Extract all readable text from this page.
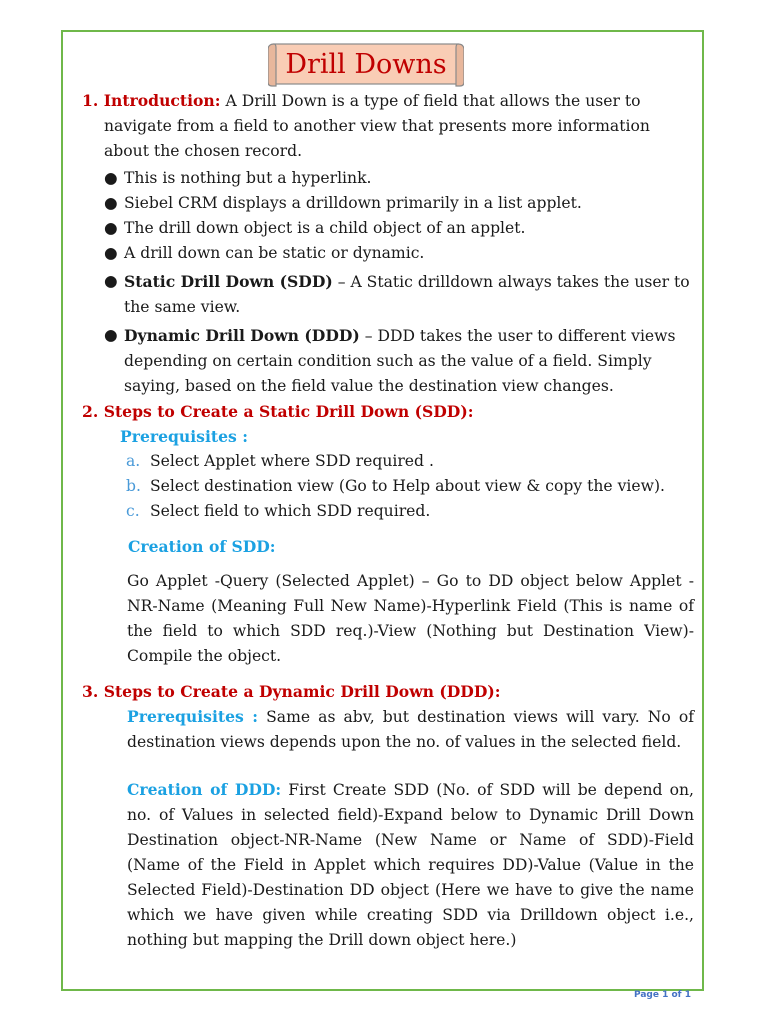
Drill Downs

1. Introduction: A Drill Down is a type of field that allows the user to navigate from a field to another view that presents more information about the chosen record.

● This is nothing but a hyperlink.
● Siebel CRM displays a drilldown primarily in a list applet.
● The drill down object is a child object of an applet.
● A drill down can be static or dynamic.
● Static Drill Down (SDD) – A Static drilldown always takes the user to the same view.
● Dynamic Drill Down (DDD) – DDD takes the user to different views depending on certain condition such as the value of a field. Simply saying, based on the field value the destination view changes.

2. Steps to Create a Static Drill Down (SDD):

Prerequisites :

a. Select Applet where SDD required .
b. Select destination view (Go to Help about view & copy the view).
c. Select field to which SDD required.

Creation of SDD:

Go Applet -Query (Selected Applet) – Go to DD object below Applet -NR-Name (Meaning Full New Name)-Hyperlink Field (This is name of the field to which SDD req.)-View (Nothing but Destination View)-Compile the object.

3. Steps to Create a Dynamic Drill Down (DDD):

Prerequisites : Same as abv, but destination views will vary. No of destination views depends upon the no. of values in the selected field.

Creation of DDD: First Create SDD (No. of SDD will be depend on, no. of Values in selected field)-Expand below to Dynamic Drill Down Destination object-NR-Name (New Name or Name of SDD)-Field (Name of the Field in Applet which requires DD)-Value (Value in the Selected Field)-Destination DD object (Here we have to give the name which we have given while creating SDD via Drilldown object i.e., nothing but mapping the Drill down object here.)

Page 1 of 1
